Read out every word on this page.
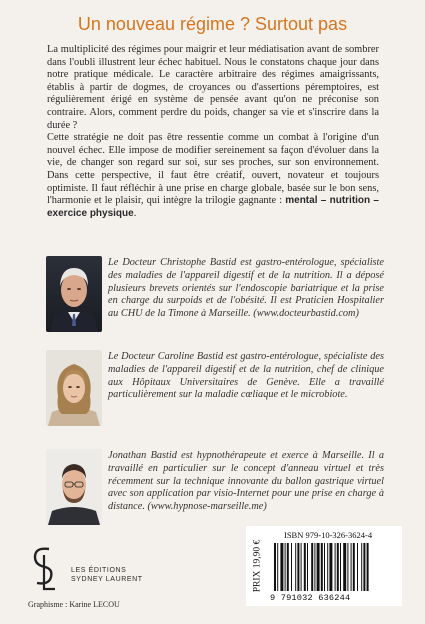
Un nouveau régime ? Surtout pas

La multiplicité des régimes pour maigrir et leur médiatisation avant de sombrer dans l'oubli illustrent leur échec habituel. Nous le constatons chaque jour dans notre pratique médicale. Le caractère arbitraire des régimes amaigrissants, établis à partir de dogmes, de croyances ou d'assertions péremptoires, est régulièrement érigé en système de pensée avant qu'on ne préconise son contraire. Alors, comment perdre du poids, changer sa vie et s'inscrire dans la durée ?

Cette stratégie ne doit pas être ressentie comme un combat à l'origine d'un nouvel échec. Elle impose de modifier sereinement sa façon d'évoluer dans la vie, de changer son regard sur soi, sur ses proches, sur son environnement. Dans cette perspective, il faut être créatif, ouvert, novateur et toujours optimiste. Il faut réfléchir à une prise en charge globale, basée sur le bon sens, l'harmonie et le plaisir, qui intègre la trilogie gagnante : mental – nutrition – exercice physique.

Le Docteur Christophe Bastid est gastro-entérologue, spécialiste des maladies de l'appareil digestif et de la nutrition. Il a déposé plusieurs brevets orientés sur l'endoscopie bariatrique et la prise en charge du surpoids et de l'obésité. Il est Praticien Hospitalier au CHU de la Timone à Marseille. (www.docteurbastid.com)
Le Docteur Caroline Bastid est gastro-entérologue, spécialiste des maladies de l'appareil digestif et de la nutrition, chef de clinique aux Hôpitaux Universitaires de Genève. Elle a travaillé particulièrement sur la maladie cœliaque et le microbiote.
Jonathan Bastid est hypnothérapeute et exerce à Marseille. Il a travaillé en particulier sur le concept d'anneau virtuel et très récemment sur la technique innovante du ballon gastrique virtuel avec son application par visio-Internet pour une prise en charge à distance. (www.hypnose-marseille.me)
LES ÉDITIONS
SYDNEY LAURENT
Graphisme : Karine LECOU
PRIX 19,90 €
ISBN 979-10-326-3624-4
9 791032 636244
